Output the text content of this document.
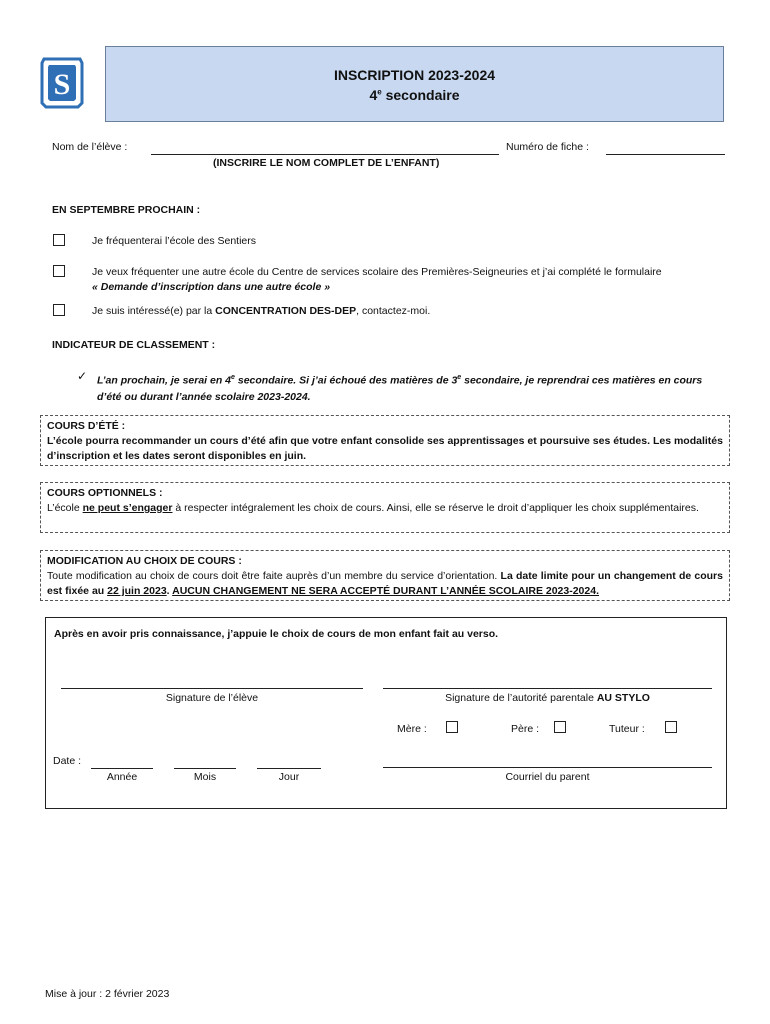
S	INSCRIPTION 2023-2024
4e secondaire
Nom de l’élève :
(INSCRIRE LE NOM COMPLET DE L’ENFANT)
Numéro de fiche :
EN SEPTEMBRE PROCHAIN :
Je fréquenterai l’école des Sentiers
Je veux fréquenter une autre école du Centre de services scolaire des Premières-Seigneuries et j’ai complété le formulaire
« Demande d’inscription dans une autre école »
Je suis intéressé(e) par la CONCENTRATION DES-DEP, contactez-moi.
INDICATEUR DE CLASSEMENT :
✓ L’an prochain, je serai en 4e secondaire. Si j’ai échoué des matières de 3e secondaire, je reprendrai ces matières en cours
d’été ou durant l’année scolaire 2023-2024.
COURS D’ÉTÉ :
L’école pourra recommander un cours d’été afin que votre enfant consolide ses apprentissages et poursuive ses études. Les modalités d’inscription et les dates seront disponibles en juin.
COURS OPTIONNELS :
L’école ne peut s’engager à respecter intégralement les choix de cours. Ainsi, elle se réserve le droit d’appliquer les choix supplémentaires.
MODIFICATION AU CHOIX DE COURS :
Toute modification au choix de cours doit être faite auprès d’un membre du service d’orientation. La date limite pour un changement de cours est fixée au 22 juin 2023. AUCUN CHANGEMENT NE SERA ACCEPTÉ DURANT L’ANNÉE SCOLAIRE 2023-2024.
Après en avoir pris connaissance, j’appuie le choix de cours de mon enfant fait au verso.
Signature de l’élève	Signature de l’autorité parentale AU STYLO
Mère :	Père :	Tuteur :
Date :
Année	Mois	Jour	Courriel du parent
Mise à jour : 2 février 2023
